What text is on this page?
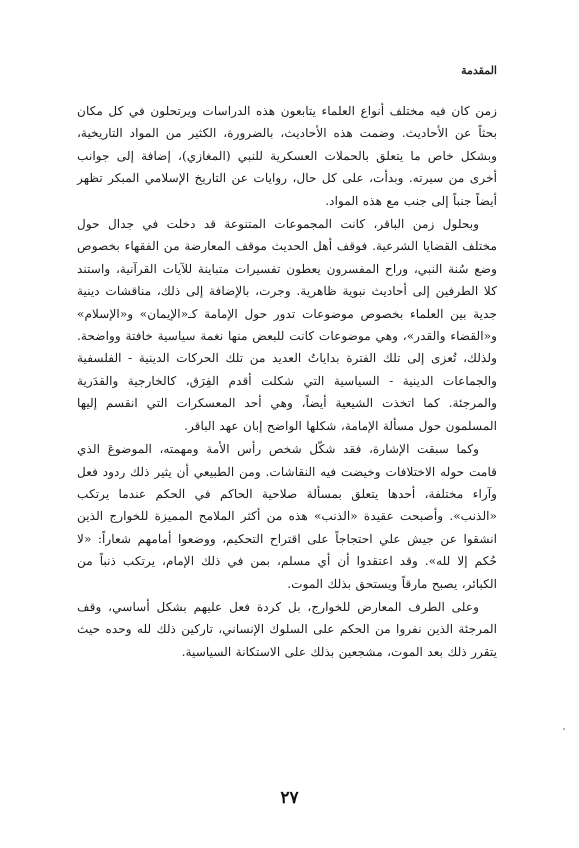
المقدمة

زمن كان فيه مختلف أنواع العلماء يتابعون هذه الدراسات ويرتحلون في كل مكان بحثاً عن الأحاديث. وضمت هذه الأحاديث، بالضرورة، الكثير من المواد التاريخية، وبشكل خاص ما يتعلق بالحملات العسكرية للنبي (المغازي)، إضافة إلى جوانب أخرى من سيرته. وبدأت، على كل حال، روايات عن التاريخ الإسلامي المبكر تظهر أيضاً جنباً إلى جنب مع هذه المواد.

وبحلول زمن الباقر، كانت المجموعات المتنوعة قد دخلت في جدال حول مختلف القضايا الشرعية. فوقف أهل الحديث موقف المعارضة من الفقهاء بخصوص وضع سُنة النبي، وراح المفسرون يعطون تفسيرات متباينة للآيات القرآنية، واستند كلا الطرفين إلى أحاديث نبوية ظاهرية. وجرت، بالإضافة إلى ذلك، مناقشات دينية جدية بين العلماء بخصوص موضوعات تدور حول الإمامة كـ«الإيمان» و«الإسلام» و«القضاء والقدر»، وهي موضوعات كانت للبعض منها نغمة سياسية خافتة وواضحة. ولذلك، تُعزى إلى تلك الفترة بداياتُ العديد من تلك الحركات الدينية - الفلسفية والجماعات الدينية - السياسية التي شكلت أقدم الفِرَق، كالخارجية والقدَرية والمرجئة. كما اتخذت الشيعية أيضاً، وهي أحد المعسكرات التي انقسم إليها المسلمون حول مسألة الإمامة، شكلها الواضح إبان عهد الباقر.

وكما سبقت الإشارة، فقد شكّل شخص رأس الأمة ومهمته، الموضوعَ الذي قامت حوله الاختلافات وخيضت فيه النقاشات. ومن الطبيعي أن يثير ذلك ردود فعل وآراء مختلفة، أحدها يتعلق بمسألة صلاحية الحاكم في الحكم عندما يرتكب «الذنب». وأصبحت عقيدة «الذنب» هذه من أكثر الملامح المميزة للخوارج الذين انشقوا عن جيش علي احتجاجاً على اقتراح التحكيم، ووضعوا أمامهم شعاراً: «لا حُكم إلا لله». وقد اعتقدوا أن أي مسلم، بمن في ذلك الإمام، يرتكب ذنباً من الكبائر، يصبح مارقاً ويستحق بذلك الموت.

وعلى الطرف المعارض للخوارج، بل كردة فعل عليهم بشكل أساسي، وقف المرجئة الذين نفروا من الحكم على السلوك الإنساني، تاركين ذلك لله وحده حيث يتقرر ذلك بعد الموت، مشجعين بذلك على الاستكانة السياسية.

٢٧
